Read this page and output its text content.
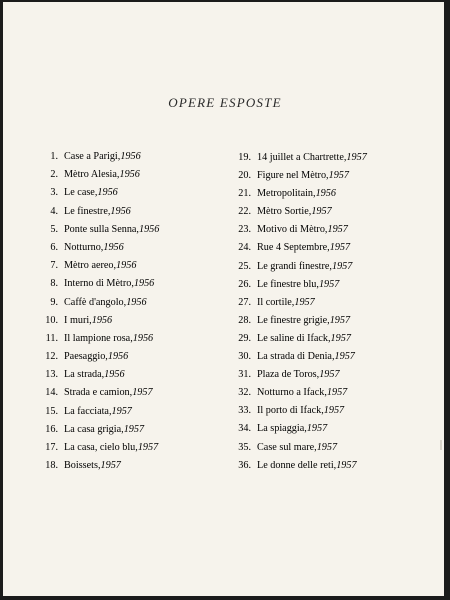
OPERE ESPOSTE
1. Case a Parigi, 1956
2. Mètro Alesia, 1956
3. Le case, 1956
4. Le finestre, 1956
5. Ponte sulla Senna, 1956
6. Notturno, 1956
7. Mètro aereo, 1956
8. Interno di Mètro, 1956
9. Caffè d'angolo, 1956
10. I muri, 1956
11. Il lampione rosa, 1956
12. Paesaggio, 1956
13. La strada, 1956
14. Strada e camion, 1957
15. La facciata, 1957
16. La casa grigia, 1957
17. La casa, cielo blu, 1957
18. Boissets, 1957
19. 14 juillet a Chartrette, 1957
20. Figure nel Mètro, 1957
21. Metropolitain, 1956
22. Mètro Sortie, 1957
23. Motivo di Mètro, 1957
24. Rue 4 Septembre, 1957
25. Le grandi finestre, 1957
26. Le finestre blu, 1957
27. Il cortile, 1957
28. Le finestre grigie, 1957
29. Le saline di Ifack, 1957
30. La strada di Denia, 1957
31. Plaza de Toros, 1957
32. Notturno a Ifack, 1957
33. Il porto di Ifack, 1957
34. La spiaggia, 1957
35. Case sul mare, 1957
36. Le donne delle reti, 1957
